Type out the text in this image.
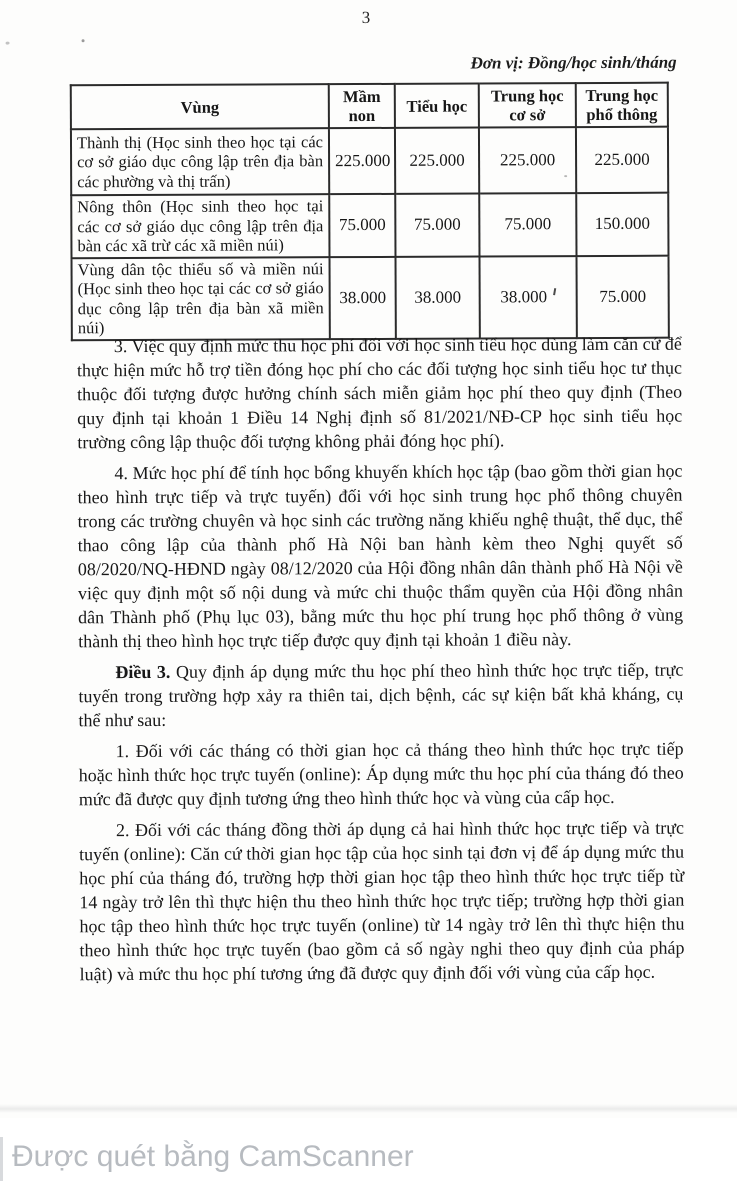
3
Đơn vị: Đồng/học sinh/tháng
Vùng	Mầm non	Tiểu học	Trung học cơ sở	Trung học phổ thông
Thành thị (Học sinh theo học tại các cơ sở giáo dục công lập trên địa bàn các phường và thị trấn)	225.000	225.000	225.000	225.000
Nông thôn (Học sinh theo học tại các cơ sở giáo dục công lập trên địa bàn các xã trừ các xã miền núi)	75.000	75.000	75.000	150.000
Vùng dân tộc thiểu số và miền núi (Học sinh theo học tại các cơ sở giáo dục công lập trên địa bàn xã miền núi)	38.000	38.000	38.000	75.000

3. Việc quy định mức thu học phí đối với học sinh tiểu học dùng làm căn cứ để thực hiện mức hỗ trợ tiền đóng học phí cho các đối tượng học sinh tiểu học tư thục thuộc đối tượng được hưởng chính sách miễn giảm học phí theo quy định (Theo quy định tại khoản 1 Điều 14 Nghị định số 81/2021/NĐ-CP học sinh tiểu học trường công lập thuộc đối tượng không phải đóng học phí).

4. Mức học phí để tính học bổng khuyến khích học tập (bao gồm thời gian học theo hình trực tiếp và trực tuyến) đối với học sinh trung học phổ thông chuyên trong các trường chuyên và học sinh các trường năng khiếu nghệ thuật, thể dục, thể thao công lập của thành phố Hà Nội ban hành kèm theo Nghị quyết số 08/2020/NQ-HĐND ngày 08/12/2020 của Hội đồng nhân dân thành phố Hà Nội về việc quy định một số nội dung và mức chi thuộc thẩm quyền của Hội đồng nhân dân Thành phố (Phụ lục 03), bằng mức thu học phí trung học phổ thông ở vùng thành thị theo hình học trực tiếp được quy định tại khoản 1 điều này.

Điều 3. Quy định áp dụng mức thu học phí theo hình thức học trực tiếp, trực tuyến trong trường hợp xảy ra thiên tai, dịch bệnh, các sự kiện bất khả kháng, cụ thể như sau:

1. Đối với các tháng có thời gian học cả tháng theo hình thức học trực tiếp hoặc hình thức học trực tuyến (online): Áp dụng mức thu học phí của tháng đó theo mức đã được quy định tương ứng theo hình thức học và vùng của cấp học.

2. Đối với các tháng đồng thời áp dụng cả hai hình thức học trực tiếp và trực tuyến (online): Căn cứ thời gian học tập của học sinh tại đơn vị để áp dụng mức thu học phí của tháng đó, trường hợp thời gian học tập theo hình thức học trực tiếp từ 14 ngày trở lên thì thực hiện thu theo hình thức học trực tiếp; trường hợp thời gian học tập theo hình thức học trực tuyến (online) từ 14 ngày trở lên thì thực hiện thu theo hình thức học trực tuyến (bao gồm cả số ngày nghi theo quy định của pháp luật) và mức thu học phí tương ứng đã được quy định đối với vùng của cấp học.

Được quét bằng CamScanner
